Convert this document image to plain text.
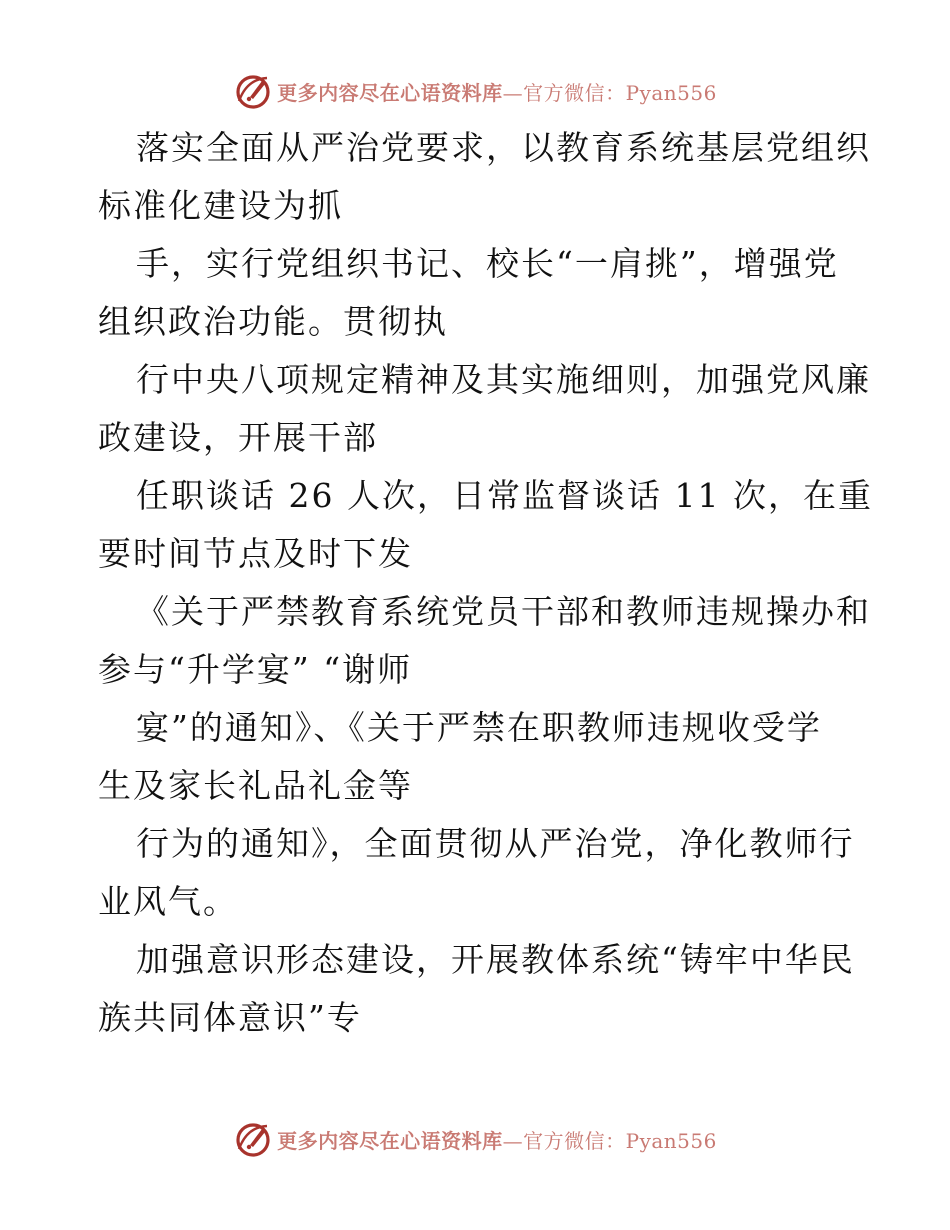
更多内容尽在心语资料库—官方微信：Pyan556

落实全面从严治党要求，以教育系统基层党组织
标准化建设为抓

手，实行党组织书记、校长“一肩挑”，增强党
组织政治功能。贯彻执

行中央八项规定精神及其实施细则，加强党风廉
政建设，开展干部

任职谈话 26 人次，日常监督谈话 11 次，在重
要时间节点及时下发

《关于严禁教育系统党员干部和教师违规操办和
参与“升学宴” “谢师

宴”的通知》、《关于严禁在职教师违规收受学
生及家长礼品礼金等

行为的通知》，全面贯彻从严治党，净化教师行
业风气。

加强意识形态建设，开展教体系统“铸牢中华民
族共同体意识”专

更多内容尽在心语资料库—官方微信：Pyan556
